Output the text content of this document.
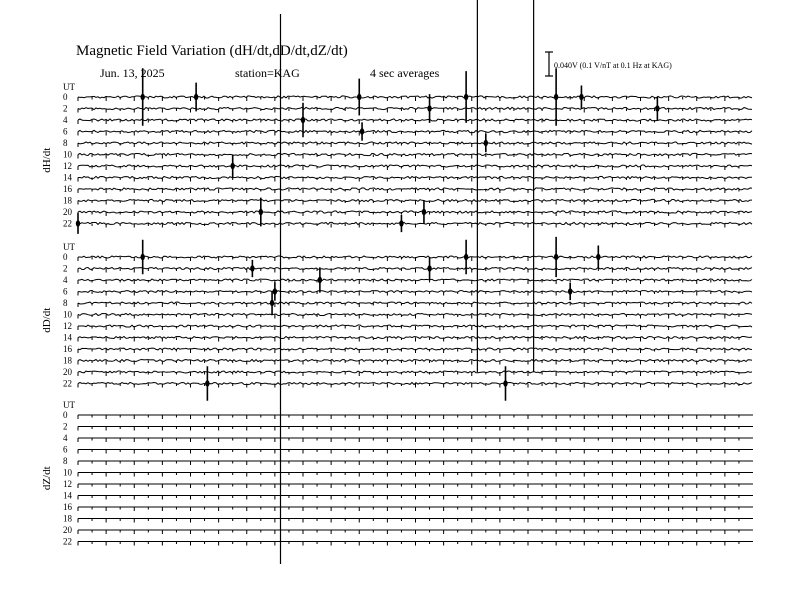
Magnetic Field Variation (dH/dt,dD/dt,dZ/dt)
Jun. 13, 2025	station=KAG	4 sec averages
0.040V (0.1 V/nT at 0.1 Hz at KAG)
UT
dH/dt
0
2
4
6
8
10
12
14
16
18
20
22
UT
dD/dt
0
2
4
6
8
10
12
14
16
18
20
22
UT
dZ/dt
0
2
4
6
8
10
12
14
16
18
20
22
